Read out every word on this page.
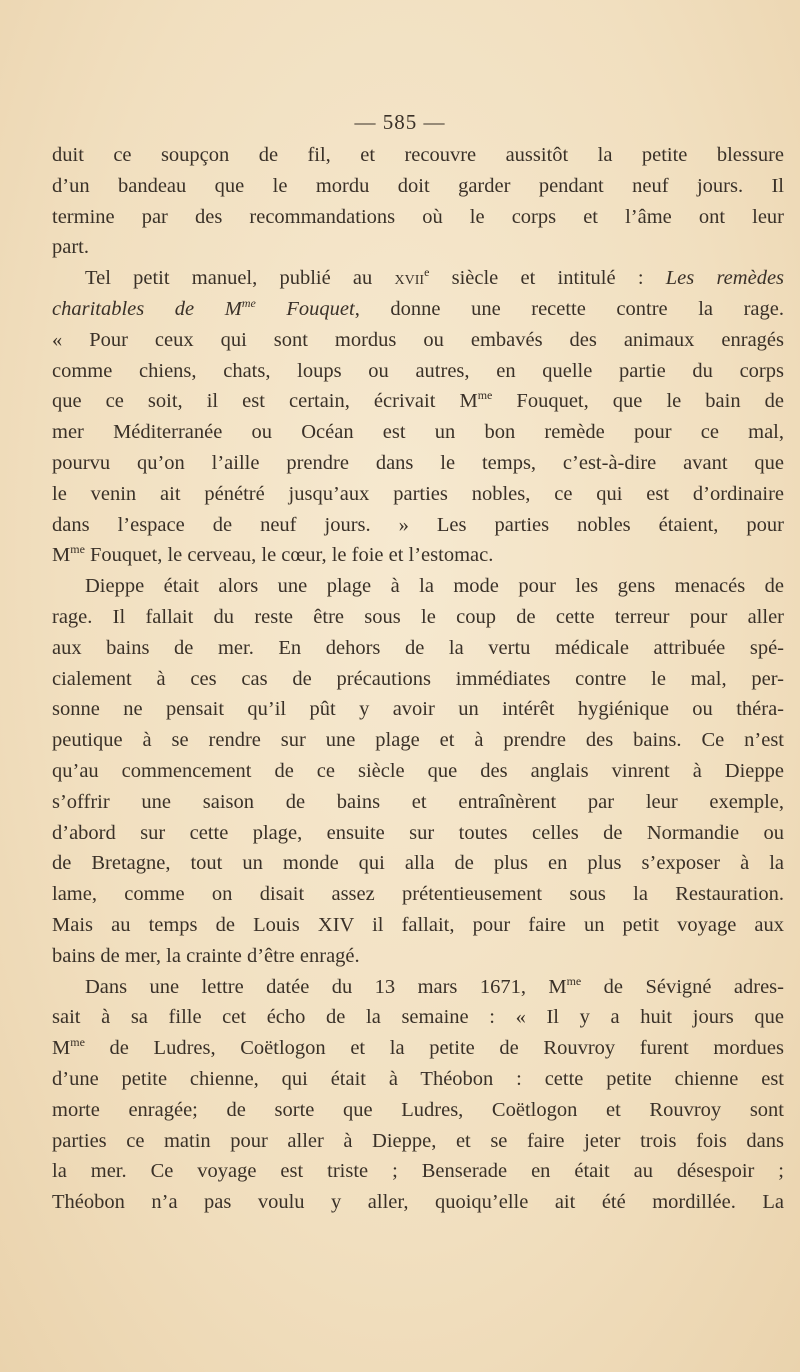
— 585 —
duit ce soupçon de fil, et recouvre aussitôt la petite blessure
d’un bandeau que le mordu doit garder pendant neuf jours. Il
termine par des recommandations où le corps et l’âme ont leur
part.
Tel petit manuel, publié au xvii$^e$ siècle et intitulé : Les remèdes
charitables de $M^{me}$ Fouquet, donne une recette contre la rage.
« Pour ceux qui sont mordus ou embavés des animaux enragés
comme chiens, chats, loups ou autres, en quelle partie du corps
que ce soit, il est certain, écrivait $M^{me}$ Fouquet, que le bain de
mer Méditerranée ou Océan est un bon remède pour ce mal,
pourvu qu’on l’aille prendre dans le temps, c’est-à-dire avant que
le venin ait pénétré jusqu’aux parties nobles, ce qui est d’ordinaire
dans l’espace de neuf jours. » Les parties nobles étaient, pour
$M^{me}$ Fouquet, le cerveau, le cœur, le foie et l’estomac.
Dieppe était alors une plage à la mode pour les gens menacés de
rage. Il fallait du reste être sous le coup de cette terreur pour aller
aux bains de mer. En dehors de la vertu médicale attribuée spé-
cialement à ces cas de précautions immédiates contre le mal, per-
sonne ne pensait qu’il pût y avoir un intérêt hygiénique ou théra-
peutique à se rendre sur une plage et à prendre des bains. Ce n’est
qu’au commencement de ce siècle que des anglais vinrent à Dieppe
s’offrir une saison de bains et entraînèrent par leur exemple,
d’abord sur cette plage, ensuite sur toutes celles de Normandie ou
de Bretagne, tout un monde qui alla de plus en plus s’exposer à la
lame, comme on disait assez prétentieusement sous la Restauration.
Mais au temps de Louis XIV il fallait, pour faire un petit voyage aux
bains de mer, la crainte d’être enragé.
Dans une lettre datée du 13 mars 1671, $M^{me}$ de Sévigné adres-
sait à sa fille cet écho de la semaine : « Il y a huit jours que
$M^{me}$ de Ludres, Coëtlogon et la petite de Rouvroy furent mordues
d’une petite chienne, qui était à Théobon : cette petite chienne est
morte enragée; de sorte que Ludres, Coëtlogon et Rouvroy sont
parties ce matin pour aller à Dieppe, et se faire jeter trois fois dans
la mer. Ce voyage est triste ; Benserade en était au désespoir ;
Théobon n’a pas voulu y aller, quoiqu’elle ait été mordillée. La
